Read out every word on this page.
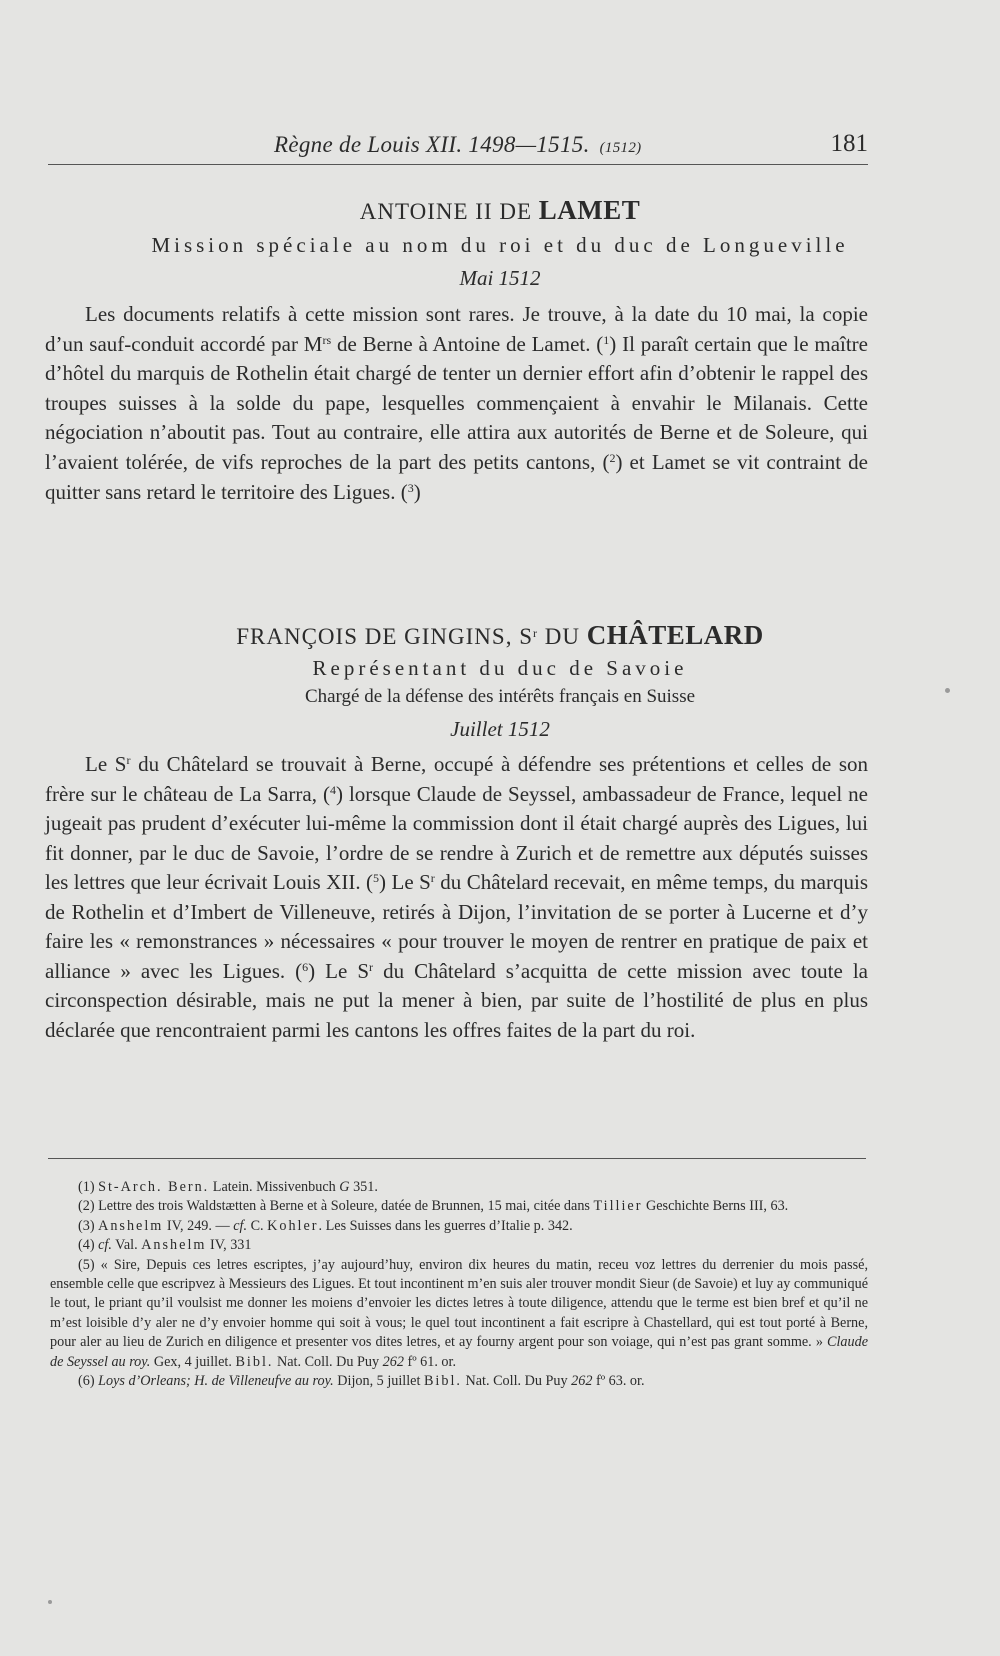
Règne de Louis XII. 1498—1515. (1512)	181
ANTOINE II DE LAMET
Mission spéciale au nom du roi et du duc de Longueville
Mai 1512

Les documents relatifs à cette mission sont rares. Je trouve, à la date du 10 mai, la copie d’un sauf-conduit accordé par $M^{rs}$ de Berne à Antoine de Lamet. ($^1$) Il paraît certain que le maître d’hôtel du marquis de Rothelin était chargé de tenter un dernier effort afin d’obtenir le rappel des troupes suisses à la solde du pape, lesquelles commençaient à envahir le Milanais. Cette négociation n’aboutit pas. Tout au contraire, elle attira aux autorités de Berne et de Soleure, qui l’avaient tolérée, de vifs reproches de la part des petits cantons, ($^2$) et Lamet se vit contraint de quitter sans retard le territoire des Ligues. ($^3$)

FRANÇOIS DE GINGINS, $S^r$ DU CHÂTELARD
Représentant du duc de Savoie
Chargé de la défense des intérêts français en Suisse
Juillet 1512

Le $S^r$ du Châtelard se trouvait à Berne, occupé à défendre ses prétentions et celles de son frère sur le château de La Sarra, ($^4$) lorsque Claude de Seyssel, ambassadeur de France, lequel ne jugeait pas prudent d’exécuter lui-même la commission dont il était chargé auprès des Ligues, lui fit donner, par le duc de Savoie, l’ordre de se rendre à Zurich et de remettre aux députés suisses les lettres que leur écrivait Louis XII. ($^5$) Le $S^r$ du Châtelard recevait, en même temps, du marquis de Rothelin et d’Imbert de Villeneuve, retirés à Dijon, l’invitation de se porter à Lucerne et d’y faire les « remonstrances » nécessaires « pour trouver le moyen de rentrer en pratique de paix et alliance » avec les Ligues. ($^6$) Le $S^r$ du Châtelard s’acquitta de cette mission avec toute la circonspection désirable, mais ne put la mener à bien, par suite de l’hostilité de plus en plus déclarée que rencontraient parmi les cantons les offres faites de la part du roi.

(1) St-Arch. Bern. Latein. Missivenbuch G 351.

(2) Lettre des trois Waldstætten à Berne et à Soleure, datée de Brunnen, 15 mai, citée dans Tillier Geschichte Berns III, 63.

(3) Anshelm IV, 249. — cf. C. Kohler. Les Suisses dans les guerres d’Italie p. 342.

(4) cf. Val. Anshelm IV, 331

(5) « Sire, Depuis ces letres escriptes, j’ay aujourd’huy, environ dix heures du matin, receu voz lettres du derrenier du mois passé, ensemble celle que escripvez à Messieurs des Ligues. Et tout incontinent m’en suis aler trouver mondit Sieur (de Savoie) et luy ay communiqué le tout, le priant qu’il voulsist me donner les moiens d’envoier les dictes letres à toute diligence, attendu que le terme est bien bref et qu’il ne m’est loisible d’y aler ne d’y envoier homme qui soit à vous; le quel tout incontinent a fait escripre à Chastellard, qui est tout porté à Berne, pour aler au lieu de Zurich en diligence et presenter vos dites letres, et ay fourny argent pour son voiage, qui n’est pas grant somme. » Claude de Seyssel au roy. Gex, 4 juillet. Bibl. Nat. Coll. Du Puy 262 fº 61. or.

(6) Loys d’Orleans; H. de Villeneufve au roy. Dijon, 5 juillet Bibl. Nat. Coll. Du Puy 262 fº 63. or.
